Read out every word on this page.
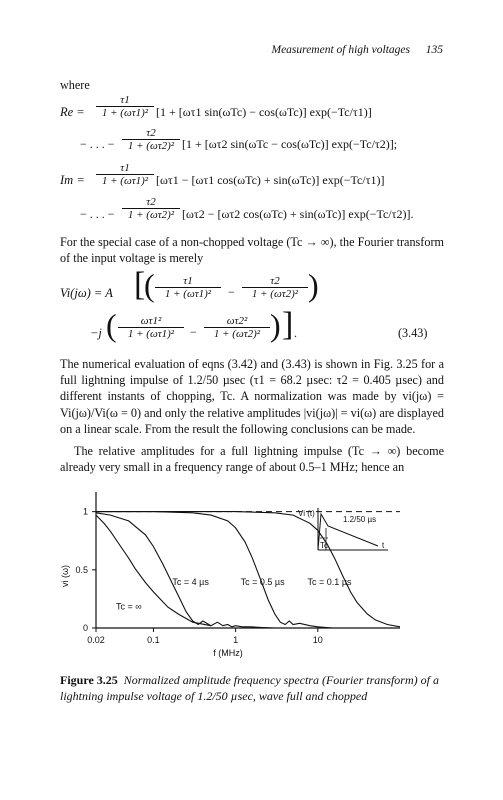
Measurement of high voltages 135
where
$Re = \frac{\tau 1}{\text{1 + (ωτ1)²}} [1 + [\omega\tau 1$ sin(ωTc) − cos(ωTc)] exp(−Tc/τ1)]
− . . . − $\frac{\tau 2}{\text{1 + (ωτ2)²}} [1 + [\omega\tau 2$ sin(ωTc − cos(ωTc)] exp(−Tc/τ2)];
$Im = \frac{\tau 1}{\text{1 + (ωτ1)²}} [\omega\tau 1 - [\omega\tau 1$ cos(ωTc) + sin(ωTc)] exp(−Tc/τ1)]
− . . . − $\frac{\tau 2}{\text{1 + (ωτ2)²}} [\omega\tau 2 - [\omega\tau 2$ cos(ωTc) + sin(ωTc)] exp(−Tc/τ2)].
For the special case of a non-chopped voltage (Tc → ∞), the Fourier transform of the input voltage is merely
Vi(jω) = A [
( $\frac{\tau 1}{\text{1 + (ωτ1)²}} - \frac{\tau 2}{\text{1 + (ωτ2)²}}$ )
−j ( $\frac{\text{ωτ1²}}{\text{1 + (ωτ1)²}} - \frac{\text{ωτ2²}}{\text{1 + (ωτ2)²}}$ ) ] .	(3.43)
The numerical evaluation of eqns (3.42) and (3.43) is shown in Fig. 3.25 for a full lightning impulse of 1.2/50 µsec (τ1 = 68.2 µsec: τ2 = 0.405 µsec) and different instants of chopping, Tc. A normalization was made by vi(jω) = Vi(jω)/Vi(ω = 0) and only the relative amplitudes |vi(jω)| = vi(ω) are displayed on a linear scale. From the result the following conclusions can be made.
The relative amplitudes for a full lightning impulse (Tc → ∞) become already very small in a frequency range of about 0.5–1 MHz; hence an
0.02	0.1	1	10
0
0.5
1
f (MHz)
vi (ω)
Tc = ∞
Tc = 4 µs	Tc = 0.5 µs	Tc = 0.1 µs
Vi (t)
1.2/50 µs
Tc	t
Figure 3.25 Normalized amplitude frequency spectra (Fourier transform) of a lightning impulse voltage of 1.2/50 µsec, wave full and chopped
